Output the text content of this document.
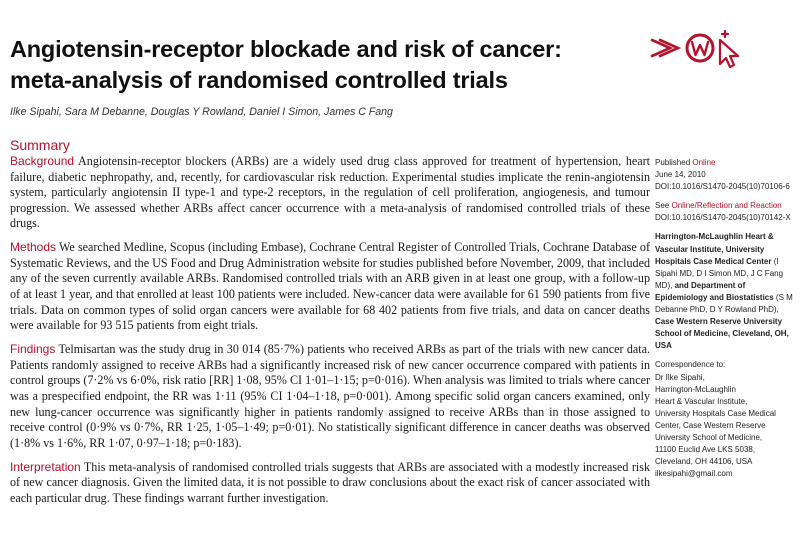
Angiotensin-receptor blockade and risk of cancer:
meta-analysis of randomised controlled trials
Ilke Sipahi, Sara M Debanne, Douglas Y Rowland, Daniel I Simon, James C Fang
Summary

Background Angiotensin-receptor blockers (ARBs) are a widely used drug class approved for treatment of hypertension, heart failure, diabetic nephropathy, and, recently, for cardiovascular risk reduction. Experimental studies implicate the renin-angiotensin system, particularly angiotensin II type-1 and type-2 receptors, in the regulation of cell proliferation, angiogenesis, and tumour progression. We assessed whether ARBs affect cancer occurrence with a meta-analysis of randomised controlled trials of these drugs.

Methods We searched Medline, Scopus (including Embase), Cochrane Central Register of Controlled Trials, Cochrane Database of Systematic Reviews, and the US Food and Drug Administration website for studies published before November, 2009, that included any of the seven currently available ARBs. Randomised controlled trials with an ARB given in at least one group, with a follow-up of at least 1 year, and that enrolled at least 100 patients were included. New-cancer data were available for 61 590 patients from five trials. Data on common types of solid organ cancers were available for 68 402 patients from five trials, and data on cancer deaths were available for 93 515 patients from eight trials.

Findings Telmisartan was the study drug in 30 014 (85·7%) patients who received ARBs as part of the trials with new cancer data. Patients randomly assigned to receive ARBs had a significantly increased risk of new cancer occurrence compared with patients in control groups (7·2% vs 6·0%, risk ratio [RR] 1·08, 95% CI 1·01–1·15; p=0·016). When analysis was limited to trials where cancer was a prespecified endpoint, the RR was 1·11 (95% CI 1·04–1·18, p=0·001). Among specific solid organ cancers examined, only new lung-cancer occurrence was significantly higher in patients randomly assigned to receive ARBs than in those assigned to receive control (0·9% vs 0·7%, RR 1·25, 1·05–1·49; p=0·01). No statistically significant difference in cancer deaths was observed (1·8% vs 1·6%, RR 1·07, 0·97–1·18; p=0·183).

Interpretation This meta-analysis of randomised controlled trials suggests that ARBs are associated with a modestly increased risk of new cancer diagnosis. Given the limited data, it is not possible to draw conclusions about the exact risk of cancer associated with each particular drug. These findings warrant further investigation.

Published Online
June 14, 2010
DOI:10.1016/S1470-2045(10)70106-6
See Online/Reflection and Reaction
DOI:10.1016/S1470-2045(10)70142-X
Harrington-McLaughlin Heart & Vascular Institute, University Hospitals Case Medical Center (I Sipahi MD, D I Simon MD, J C Fang MD), and Department of Epidemiology and Biostatistics (S M Debanne PhD, D Y Rowland PhD), Case Western Reserve University School of Medicine, Cleveland, OH, USA
Correspondence to:
Dr Ilke Sipahi,
Harrington-McLaughlin
Heart & Vascular Institute,
University Hospitals Case Medical
Center, Case Western Reserve
University School of Medicine,
11100 Euclid Ave LKS 5038,
Cleveland, OH 44106, USA
ilkesipahi@gmail.com
